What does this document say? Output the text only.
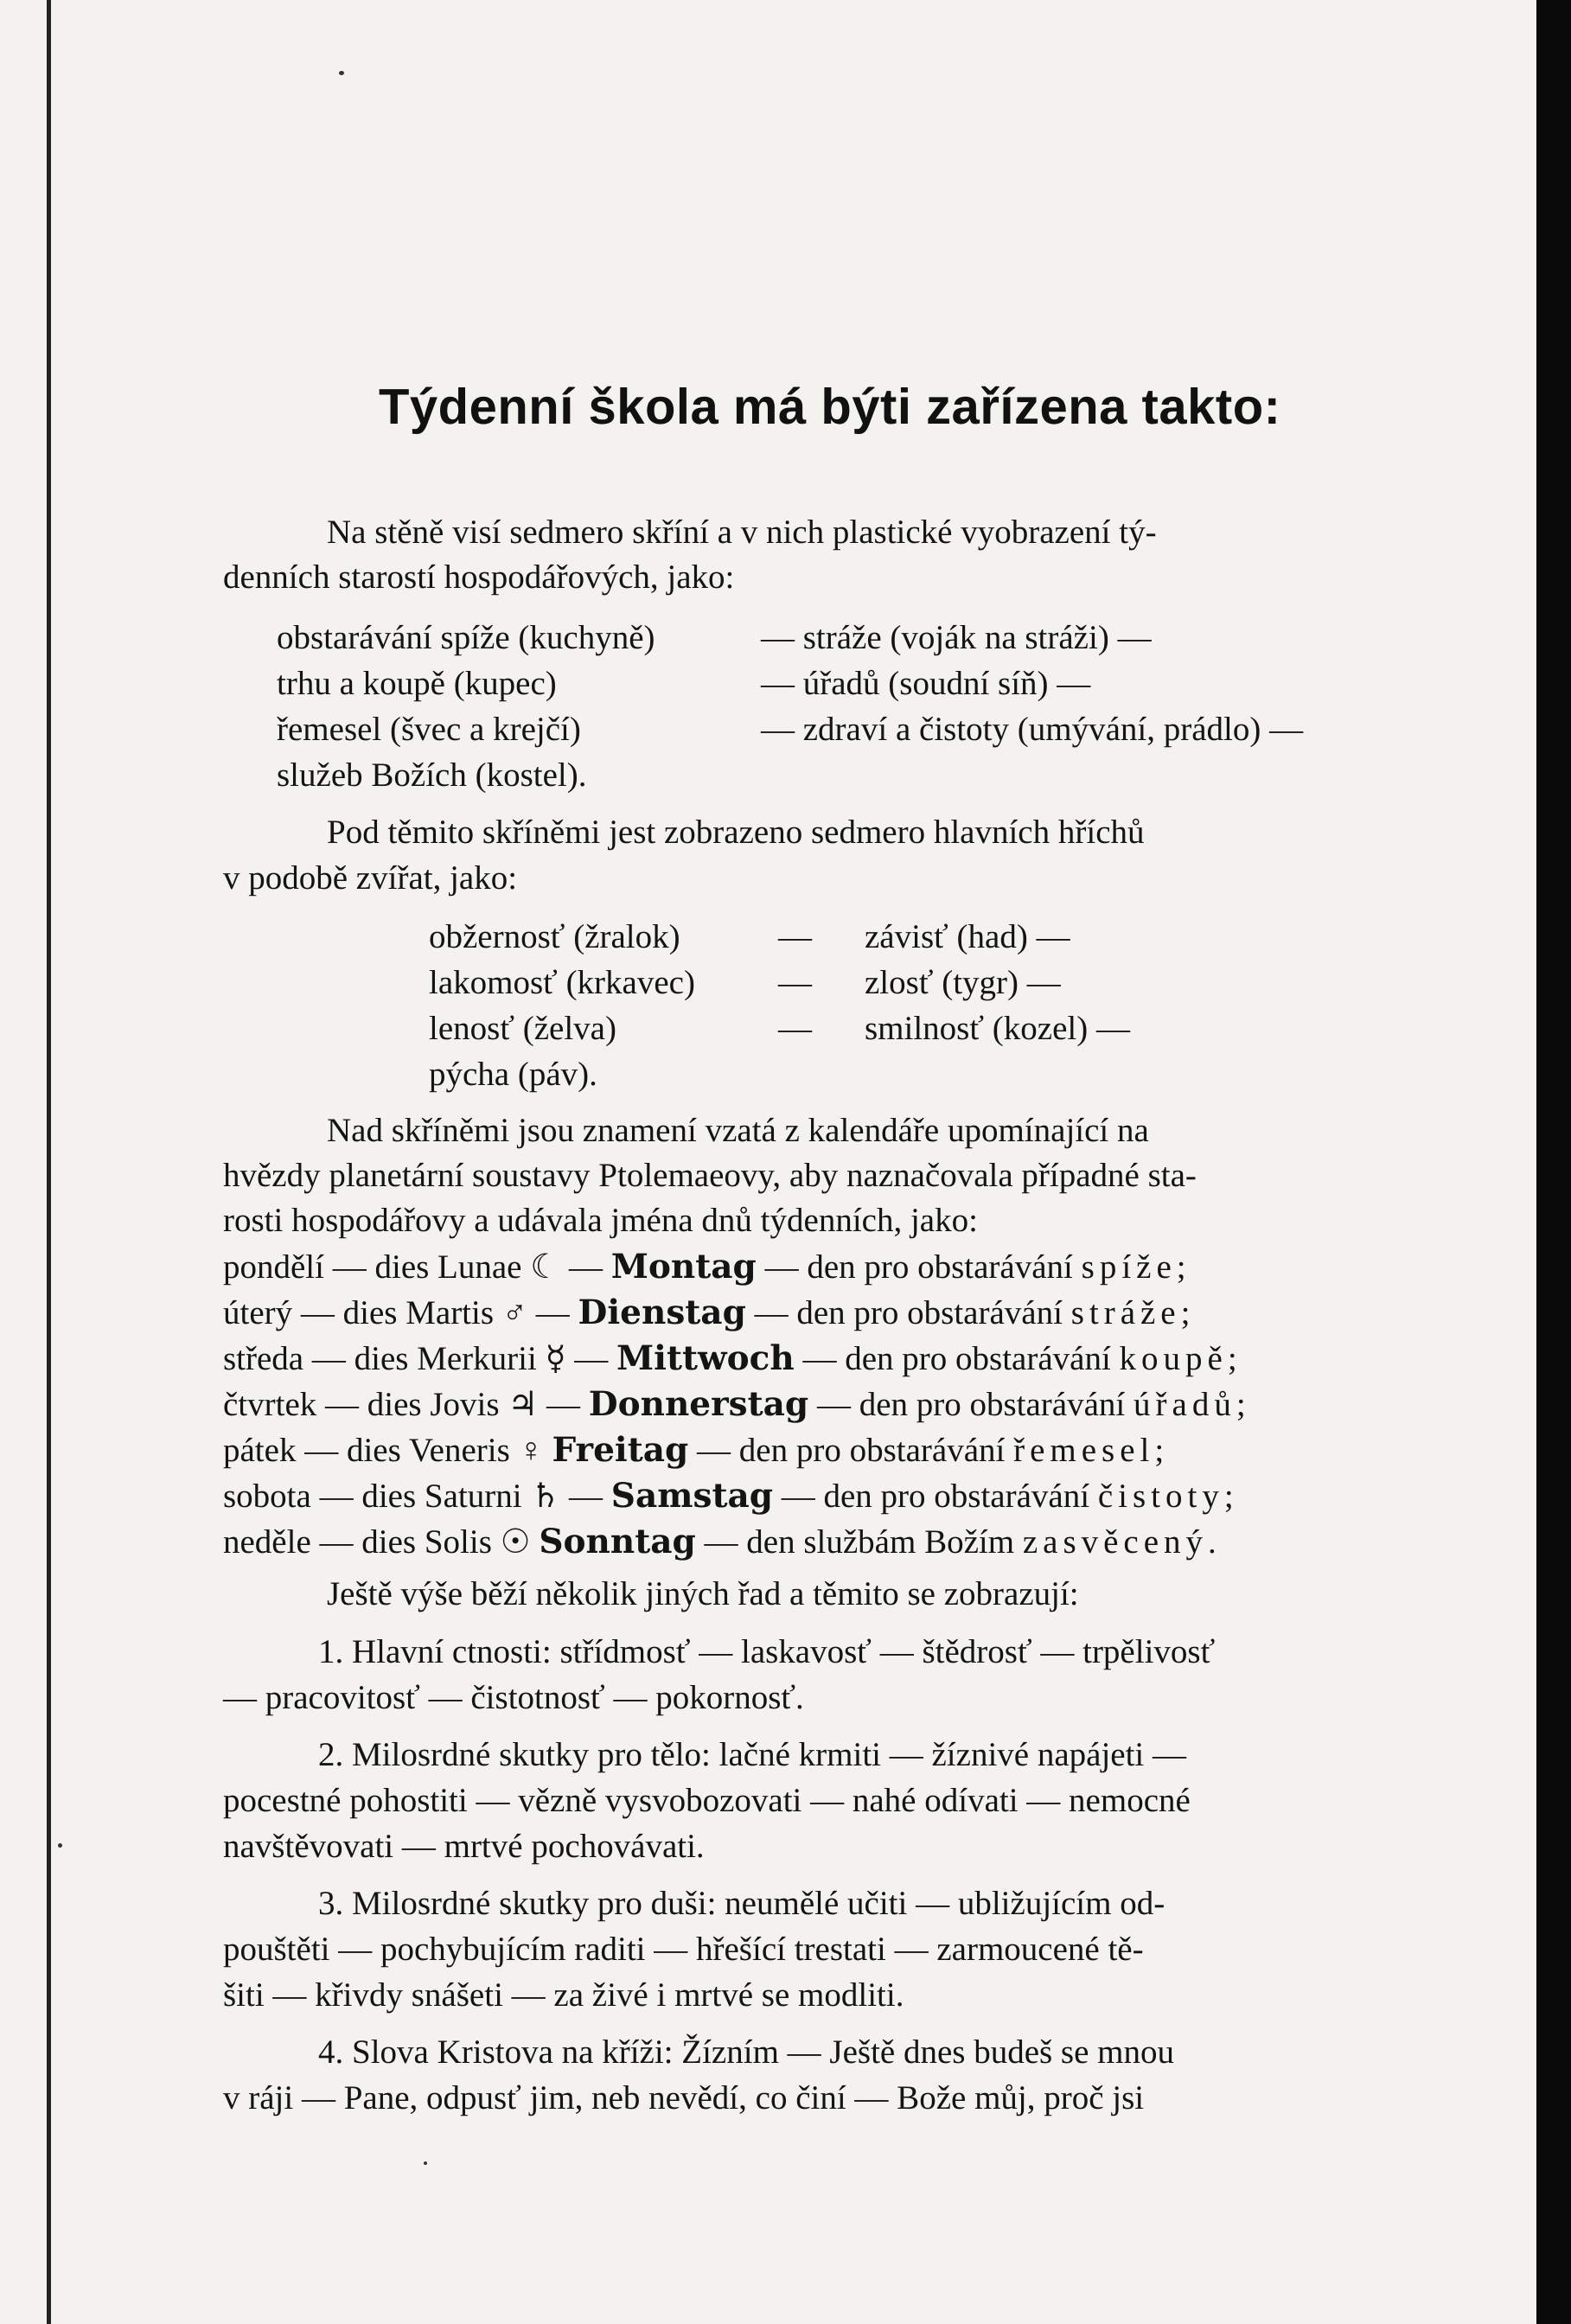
Týdenní škola má býti zařízena takto:
Na stěně visí sedmero skříní a v nich plastické vyobrazení tý-
denních starostí hospodářových, jako:
obstarávání spíže (kuchyně)	— stráže (voják na stráži) —
trhu a koupě (kupec)	— úřadů (soudní síň) —
řemesel (švec a krejčí)	— zdraví a čistoty (umývání, prádlo) —
služeb Božích (kostel).
Pod těmito skříněmi jest zobrazeno sedmero hlavních hříchů
v podobě zvířat, jako:
obžernosť (žralok)	— závisť (had) —
lakomosť (krkavec) — zlosť (tygr) —
lenosť (želva)	— smilnosť (kozel) —
pýcha (páv).
Nad skříněmi jsou znamení vzatá z kalendáře upomínající na
hvězdy planetární soustavy Ptolemaeovy, aby naznačovala případné sta-
rosti hospodářovy a udávala jména dnů týdenních, jako:
pondělí — dies Lunae ☾ — Montag — den pro obstarávání spíže;
úterý — dies Martis ♂ — Dienstag — den pro obstarávání stráže;
středa — dies Merkurii ☿ — Mittwoch — den pro obstarávání koupě;
čtvrtek — dies Jovis ♃ — Donnerstag — den pro obstarávání úřadů;
pátek — dies Veneris ♀ Freitag — den pro obstarávání řemesel;
sobota — dies Saturni ♄ — Samstag — den pro obstarávání čistoty;
neděle — dies Solis ☉ Sonntag — den službám Božím zasvěcený.
Ještě výše běží několik jiných řad a těmito se zobrazují:
1. Hlavní ctnosti: střídmosť — laskavosť — štědrosť — trpělivosť
— pracovitosť — čistotnosť — pokornosť.
2. Milosrdné skutky pro tělo: lačné krmiti — žíznivé napájeti —
pocestné pohostiti — vězně vysvobozovati — nahé odívati — nemocné
navštěvovati — mrtvé pochovávati.
3. Milosrdné skutky pro duši: neumělé učiti — ubližujícím od-
pouštěti — pochybujícím raditi — hřešící trestati — zarmoucené tě-
šiti — křivdy snášeti — za živé i mrtvé se modliti.
4. Slova Kristova na kříži: Žízním — Ještě dnes budeš se mnou
v ráji — Pane, odpusť jim, neb nevědí, co činí — Bože můj, proč jsi
